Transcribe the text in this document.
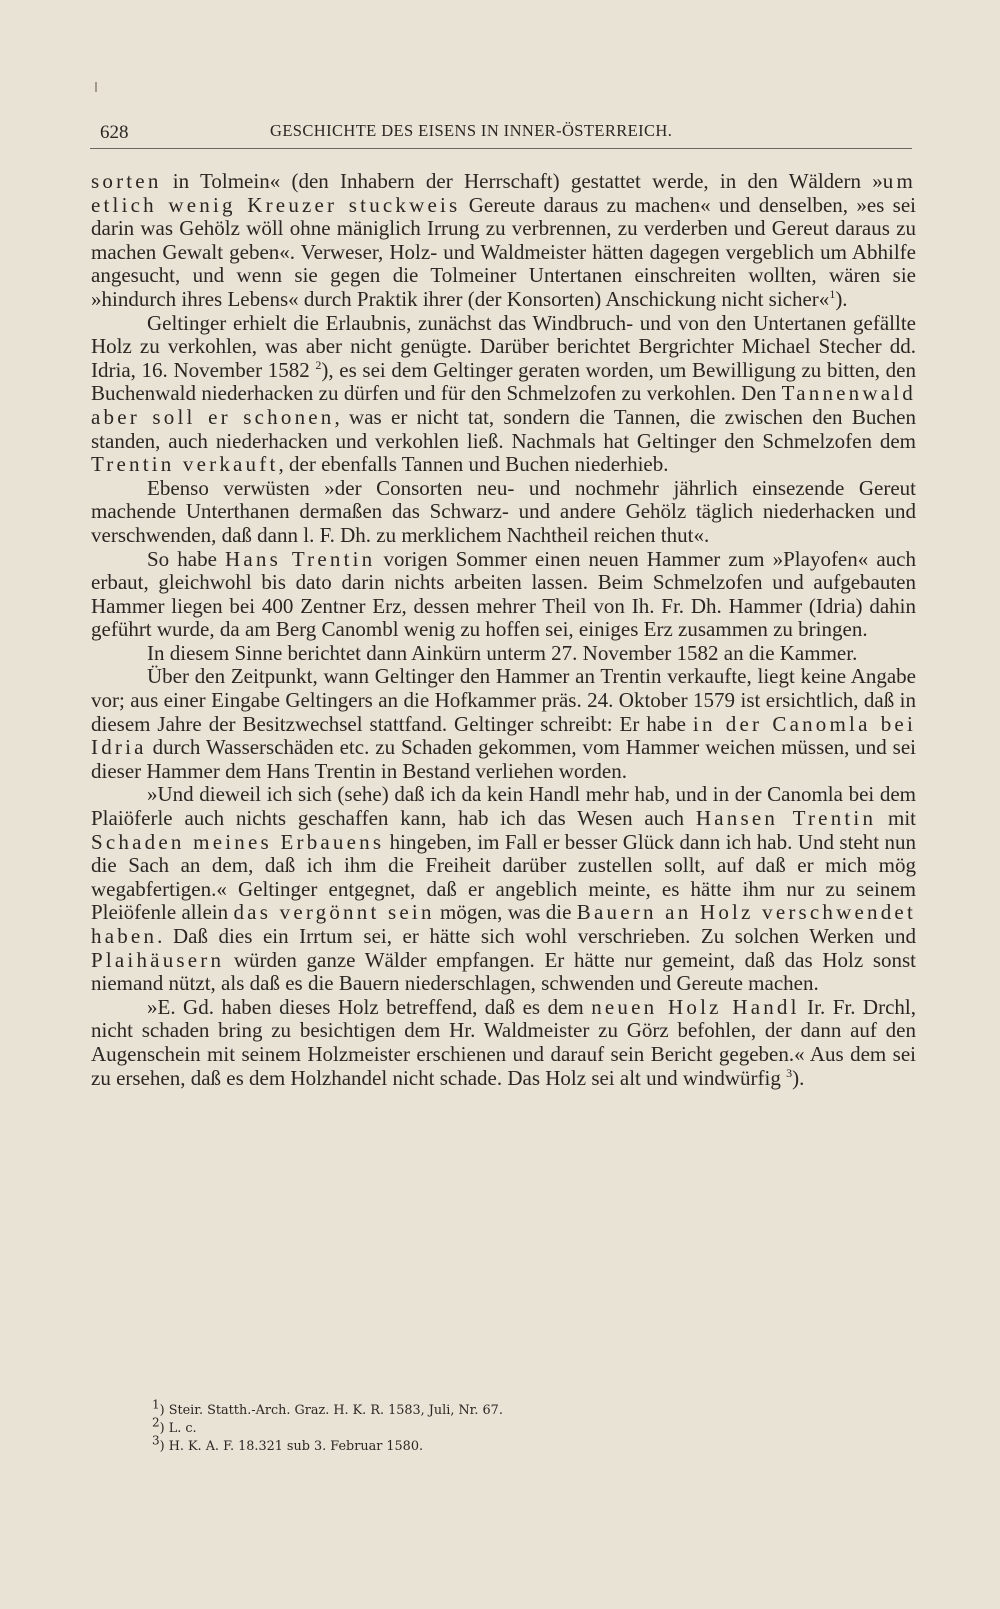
628	GESCHICHTE DES EISENS IN INNER-ÖSTERREICH.

sorten in Tolmein« (den Inhabern der Herrschaft) gestattet werde, in den Wäldern »um etlich wenig Kreuzer stuckweis Gereute daraus zu machen« und denselben, »es sei darin was Gehölz wöll ohne mäniglich Irrung zu verbrennen, zu verderben und Gereut daraus zu machen Gewalt geben«. Verweser, Holz- und Waldmeister hätten dagegen vergeblich um Abhilfe angesucht, und wenn sie gegen die Tolmeiner Untertanen einschreiten wollten, wären sie »hindurch ihres Lebens« durch Praktik ihrer (der Konsorten) Anschickung nicht sicher«$^1$).

Geltinger erhielt die Erlaubnis, zunächst das Windbruch- und von den Untertanen gefällte Holz zu verkohlen, was aber nicht genügte. Darüber berichtet Bergrichter Michael Stecher dd. Idria, 16. November 1582 $^2$), es sei dem Geltinger geraten worden, um Bewilligung zu bitten, den Buchenwald niederhacken zu dürfen und für den Schmelzofen zu verkohlen. Den Tannenwald aber soll er schonen, was er nicht tat, sondern die Tannen, die zwischen den Buchen standen, auch niederhacken und verkohlen ließ. Nachmals hat Geltinger den Schmelzofen dem Trentin verkauft, der ebenfalls Tannen und Buchen niederhieb.

Ebenso verwüsten »der Consorten neu- und nochmehr jährlich einsezende Gereut machende Unterthanen dermaßen das Schwarz- und andere Gehölz täglich niederhacken und verschwenden, daß dann l. F. Dh. zu merklichem Nachtheil reichen thut«.

So habe Hans Trentin vorigen Sommer einen neuen Hammer zum »Playofen« auch erbaut, gleichwohl bis dato darin nichts arbeiten lassen. Beim Schmelzofen und aufgebauten Hammer liegen bei 400 Zentner Erz, dessen mehrer Theil von Ih. Fr. Dh. Hammer (Idria) dahin geführt wurde, da am Berg Canombl wenig zu hoffen sei, einiges Erz zusammen zu bringen.

In diesem Sinne berichtet dann Ainkürn unterm 27. November 1582 an die Kammer.

Über den Zeitpunkt, wann Geltinger den Hammer an Trentin verkaufte, liegt keine Angabe vor; aus einer Eingabe Geltingers an die Hofkammer präs. 24. Oktober 1579 ist ersichtlich, daß in diesem Jahre der Besitzwechsel stattfand. Geltinger schreibt: Er habe in der Canomla bei Idria durch Wasserschäden etc. zu Schaden gekommen, vom Hammer weichen müssen, und sei dieser Hammer dem Hans Trentin in Bestand verliehen worden.

»Und dieweil ich sich (sehe) daß ich da kein Handl mehr hab, und in der Canomla bei dem Plaiöferle auch nichts geschaffen kann, hab ich das Wesen auch Hansen Trentin mit Schaden meines Erbauens hingeben, im Fall er besser Glück dann ich hab. Und steht nun die Sach an dem, daß ich ihm die Freiheit darüber zustellen sollt, auf daß er mich mög wegabfertigen.« Geltinger entgegnet, daß er angeblich meinte, es hätte ihm nur zu seinem Pleiöfenle allein das vergönnt sein mögen, was die Bauern an Holz verschwendet haben. Daß dies ein Irrtum sei, er hätte sich wohl verschrieben. Zu solchen Werken und Plaihäusern würden ganze Wälder empfangen. Er hätte nur gemeint, daß das Holz sonst niemand nützt, als daß es die Bauern niederschlagen, schwenden und Gereute machen.

»E. Gd. haben dieses Holz betreffend, daß es dem neuen Holz Handl Ir. Fr. Drchl, nicht schaden bring zu besichtigen dem Hr. Waldmeister zu Görz befohlen, der dann auf den Augenschein mit seinem Holzmeister erschienen und darauf sein Bericht gegeben.« Aus dem sei zu ersehen, daß es dem Holzhandel nicht schade. Das Holz sei alt und windwürfig $^3$).

$^1$) Steir. Statth.-Arch. Graz. H. K. R. 1583, Juli, Nr. 67.
$^2$) L. c.
$^3$) H. K. A. F. 18.321 sub 3. Februar 1580.
